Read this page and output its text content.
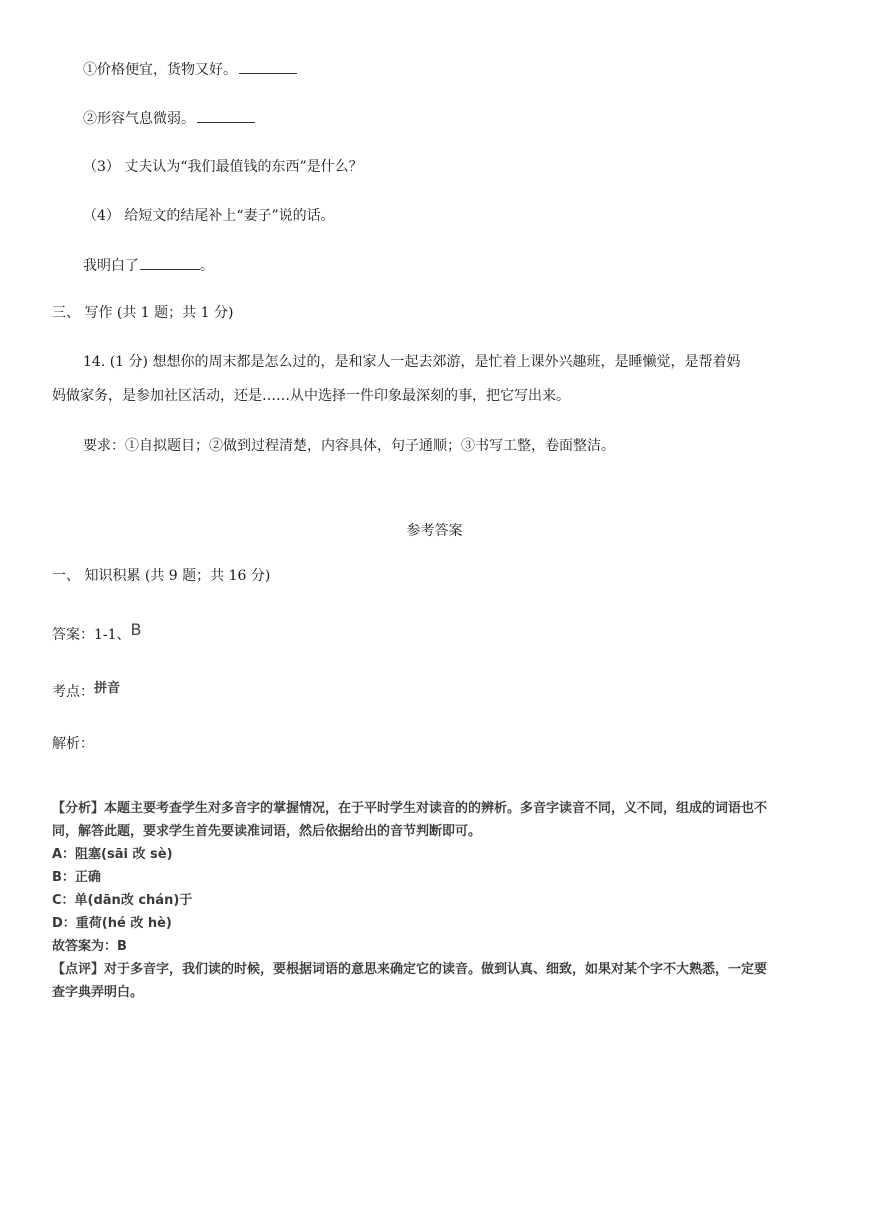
①价格便宜，货物又好。
②形容气息微弱。
（3） 丈夫认为“我们最值钱的东西”是什么？
（4） 给短文的结尾补上“妻子”说的话。
我明白了	。
三、 写作 (共 1 题；共 1 分)
14. (1 分) 想想你的周末都是怎么过的，是和家人一起去郊游，是忙着上课外兴趣班，是睡懒觉，是帮着妈
妈做家务，是参加社区活动，还是……从中选择一件印象最深刻的事，把它写出来。
要求：①自拟题目；②做到过程清楚，内容具体，句子通顺；③书写工整，卷面整洁。
参考答案
一、 知识积累 (共 9 题；共 16 分)
答案：1-1、B
考点：拼音
解析：
【分析】本题主要考查学生对多音字的掌握情况，在于平时学生对读音的的辨析。多音字读音不同，义不同，组成的词语也不
同，解答此题，要求学生首先要读准词语，然后依据给出的音节判断即可。
A：阻塞(sāi 改 sè)
B：正确
C：单(dān改 chán)于
D：重荷(hé 改 hè)
故答案为：B
【点评】对于多音字，我们读的时候，要根据词语的意思来确定它的读音。做到认真、细致，如果对某个字不大熟悉，一定要
查字典弄明白。
